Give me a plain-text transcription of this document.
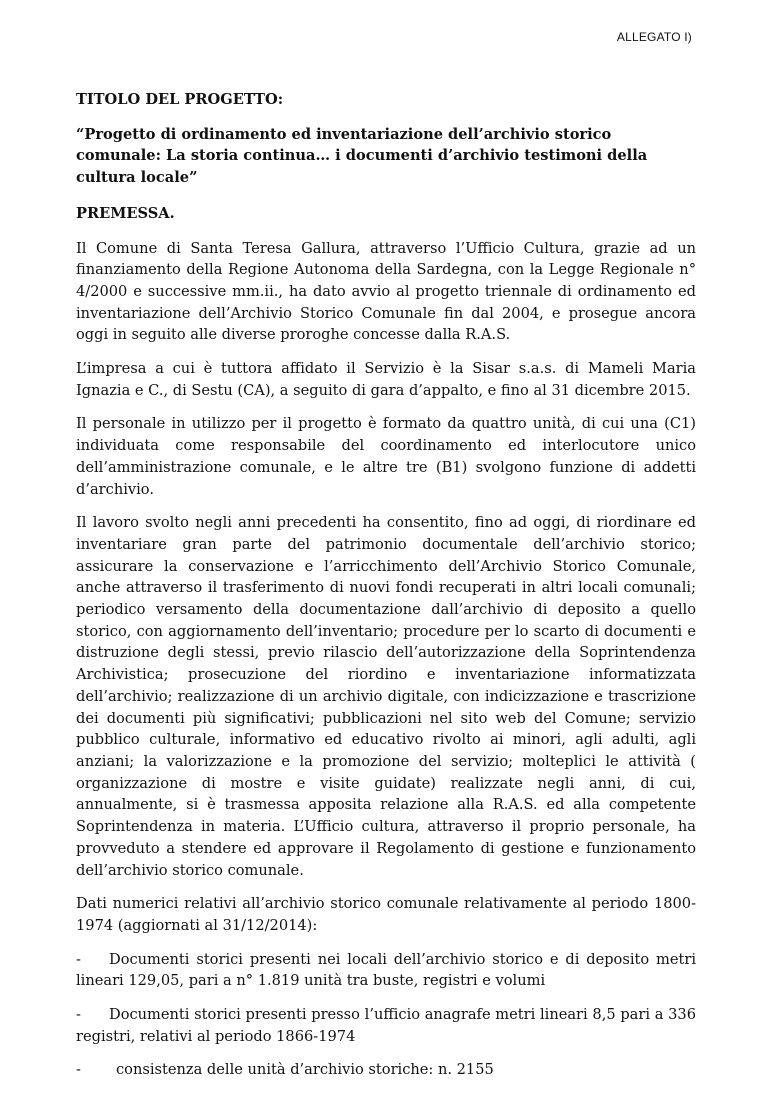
ALLEGATO I)
TITOLO DEL PROGETTO:
“Progetto di ordinamento ed inventariazione dell’archivio storico comunale: La storia continua… i documenti d’archivio testimoni della cultura locale”
PREMESSA.

Il Comune di Santa Teresa Gallura, attraverso l’Ufficio Cultura, grazie ad un finanziamento della Regione Autonoma della Sardegna, con la Legge Regionale n° 4/2000 e successive mm.ii., ha dato avvio al progetto triennale di ordinamento ed inventariazione dell’Archivio Storico Comunale fin dal 2004, e prosegue ancora oggi in seguito alle diverse proroghe concesse dalla R.A.S.

L’impresa a cui è tuttora affidato il Servizio è la Sisar s.a.s. di Mameli Maria Ignazia e C., di Sestu (CA), a seguito di gara d’appalto, e fino al 31 dicembre 2015.

Il personale in utilizzo per il progetto è formato da quattro unità, di cui una (C1) individuata come responsabile del coordinamento ed interlocutore unico dell’amministrazione comunale, e le altre tre (B1) svolgono funzione di addetti d’archivio.

Il lavoro svolto negli anni precedenti ha consentito, fino ad oggi, di riordinare ed inventariare gran parte del patrimonio documentale dell’archivio storico; assicurare la conservazione e l’arricchimento dell’Archivio Storico Comunale, anche attraverso il trasferimento di nuovi fondi recuperati in altri locali comunali; periodico versamento della documentazione dall’archivio di deposito a quello storico, con aggiornamento dell’inventario; procedure per lo scarto di documenti e distruzione degli stessi, previo rilascio dell’autorizzazione della Soprintendenza Archivistica; prosecuzione del riordino e inventariazione informatizzata dell’archivio; realizzazione di un archivio digitale, con indicizzazione e trascrizione dei documenti più significativi; pubblicazioni nel sito web del Comune; servizio pubblico culturale, informativo ed educativo rivolto ai minori, agli adulti, agli anziani; la valorizzazione e la promozione del servizio; molteplici le attività ( organizzazione di mostre e visite guidate) realizzate negli anni, di cui, annualmente, si è trasmessa apposita relazione alla R.A.S. ed alla competente Soprintendenza in materia. L’Ufficio cultura, attraverso il proprio personale, ha provveduto a stendere ed approvare il Regolamento di gestione e funzionamento dell’archivio storico comunale.

Dati numerici relativi all’archivio storico comunale relativamente al periodo 1800-1974 (aggiornati al 31/12/2014):

- Documenti storici presenti nei locali dell’archivio storico e di deposito metri lineari 129,05, pari a n° 1.819 unità tra buste, registri e volumi
- Documenti storici presenti presso l’ufficio anagrafe metri lineari 8,5 pari a 336 registri, relativi al periodo 1866-1974
- consistenza delle unità d’archivio storiche: n. 2155
